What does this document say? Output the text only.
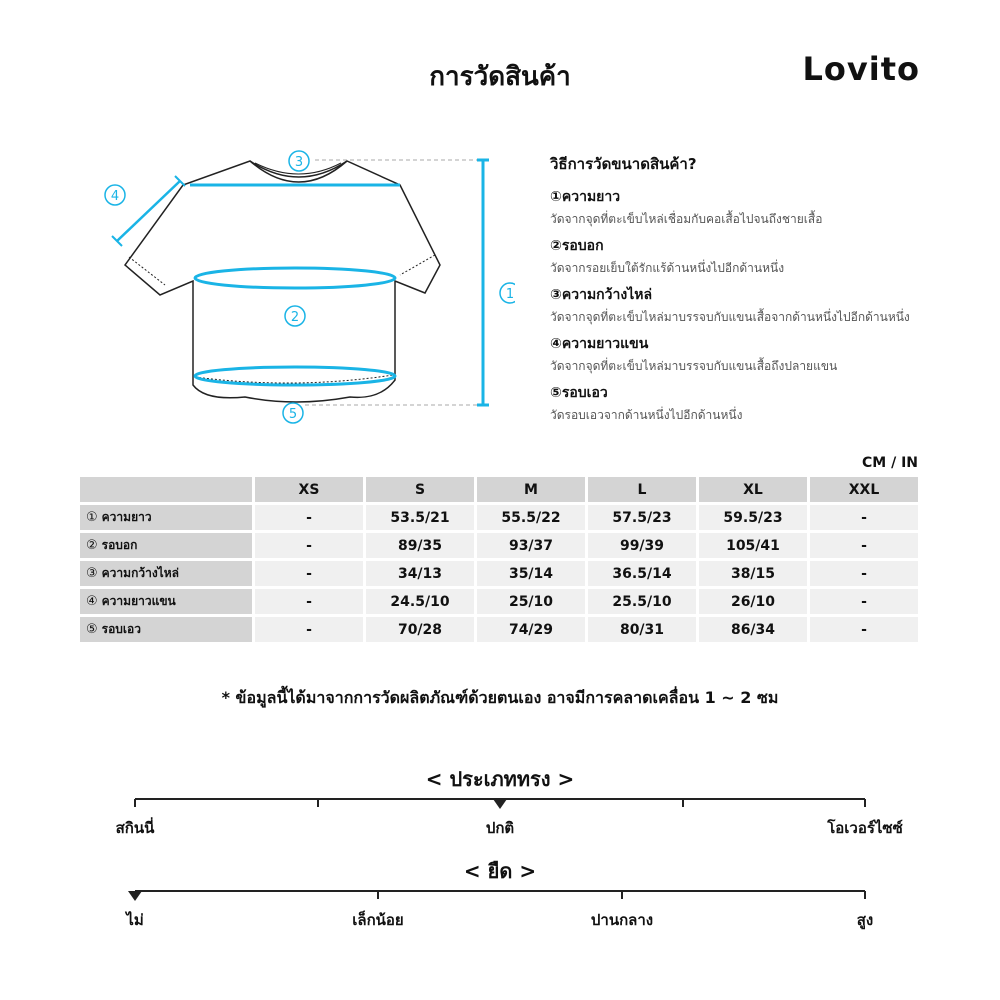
การวัดสินค้า	Lovito
3
4
2
1
5
วิธีการวัดขนาดสินค้า?
①ความยาว
วัดจากจุดที่ตะเข็บไหล่เชื่อมกับคอเสื้อไปจนถึงชายเสื้อ
②รอบอก
วัดจากรอยเย็บใต้รักแร้ด้านหนึ่งไปอีกด้านหนึ่ง
③ความกว้างไหล่
วัดจากจุดที่ตะเข็บไหล่มาบรรจบกับแขนเสื้อจากด้านหนึ่งไปอีกด้านหนึ่ง
④ความยาวแขน
วัดจากจุดที่ตะเข็บไหล่มาบรรจบกับแขนเสื้อถึงปลายแขน
⑤รอบเอว
วัดรอบเอวจากด้านหนึ่งไปอีกด้านหนึ่ง
CM / IN
	XS	S	M	L	XL	XXL
① ความยาว	-	53.5/21	55.5/22	57.5/23	59.5/23	-
② รอบอก	-	89/35	93/37	99/39	105/41	-
③ ความกว้างไหล่	-	34/13	35/14	36.5/14	38/15	-
④ ความยาวแขน	-	24.5/10	25/10	25.5/10	26/10	-
⑤ รอบเอว	-	70/28	74/29	80/31	86/34	-
* ข้อมูลนี้ได้มาจากการวัดผลิตภัณฑ์ด้วยตนเอง อาจมีการคลาดเคลื่อน 1 ~ 2 ซม
< ประเภททรง >
สกินนี่	ปกติ	โอเวอร์ไซซ์
< ยืด >
ไม่	เล็กน้อย	ปานกลาง	สูง
